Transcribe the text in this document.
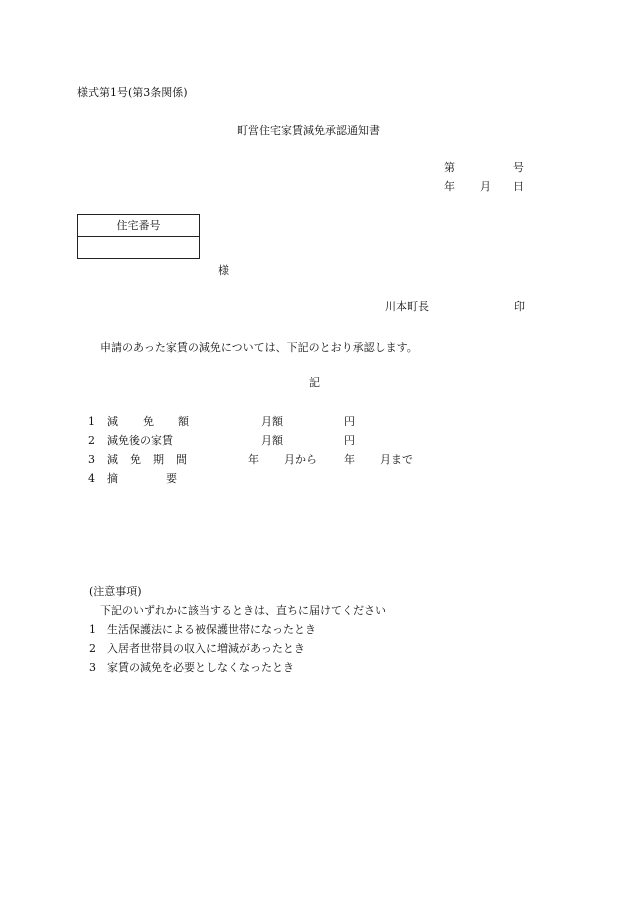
様式第1号(第3条関係)
町営住宅家賃減免承認通知書
第	号
年 月 日
住宅番号
様
川本町長	印
申請のあった家賃の減免については、下記のとおり承認します。
記
1 減 免 額	月額	円
2 減免後の家賃	月額	円
3 減 免 期 間	年 月から 年 月まで
4 摘	要
(注意事項)
下記のいずれかに該当するときは、直ちに届けてください
1 生活保護法による被保護世帯になったとき
2 入居者世帯員の収入に増減があったとき
3 家賃の減免を必要としなくなったとき
